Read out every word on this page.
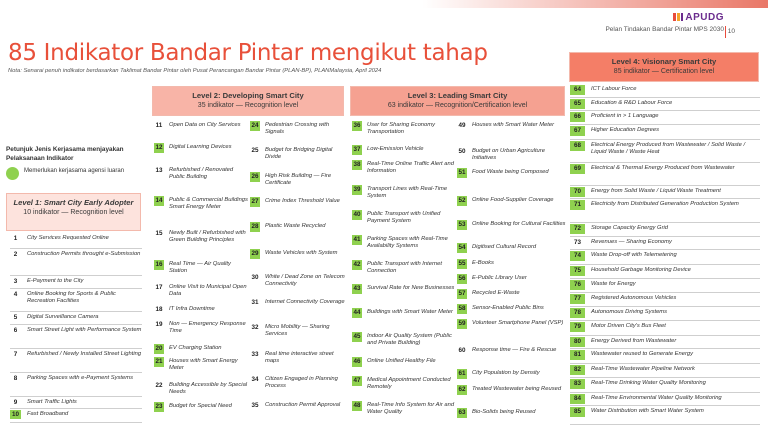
APUDG
Pelan Tindakan Bandar Pintar MPS 2030 10
85 Indikator Bandar Pintar mengikut tahap
Nota: Senarai penuh indikator berdasarkan Taklimat Bandar Pintar oleh Pusat Perancangan Bandar Pintar (PLAN-BP), PLANMalaysia, April 2024
Petunjuk Jenis Kerjasama menjayakan Pelaksanaan Indikator
Memerlukan kerjasama agensi luaran
Level 1: Smart City Early Adopter
10 indikator — Recognition level
Level 2: Developing Smart City
35 indikator — Recognition level
Level 3: Leading Smart City
63 indikator — Recognition/Certification level
Level 4: Visionary Smart City
85 indikator — Certification level
1	City Services Requested Online
2	Construction Permits throught e-Submission
3	E-Payment to the City
4	Online Booking for Sports & Public Recreation Facilities
5	Digital Surveillance Camera
6	Smart Street Light with Performance System
7	Refurbished / Newly Installed Street Lighting
8	Parking Spaces with e-Payment Systems
9	Smart Traffic Lights
10	Fast Broadband
11 Open Data on City Services
12 Digital Learning Devices
13 Refurbished / Renovated Public Building
14 Public & Commercial Buildings Smart Energy Meter
15 Newly Built / Refurbished with Green Building Principles
16 Real Time — Air Quality Station
17 Online Visit to Municipal Open Data
18 IT Infra Downtime
19 Non — Emergency Response Time
20 EV Charging Station
21 Houses with Smart Energy Meter
22 Building Accessible by Special Needs
23 Budget for Special Need
24 Pedestrian Crossing with Signals
25 Budget for Bridging Digital Divide
26 High Risk Building — Fire Certificate
27 Crime Index Threshold Value
28 Plastic Waste Recycled
29 Waste Vehicles with System
30 White / Dead Zone on Telecom Connectivity
31 Internet Connectivity Coverage
32 Micro Mobility — Sharing Services
33 Real time interactive street maps
34 Citizen Engaged in Planning Process
35 Construction Permit Approval
36 User for Sharing Economy Transportation
37 Low-Emission Vehicle
38 Real-Time Online Traffic Alert and Information
39 Transport Lines with Real-Time System
40 Public Transport with Unified Payment System
41 Parking Spaces with Real-Time Availability Systems
42 Public Transport with Internet Connection
43 Survival Rate for New Businesses
44 Buildings with Smart Water Meter
45 Indoor Air Quality System (Public and Private Building)
46 Online Unified Healthy File
47 Medical Appointment Conducted Remotely
48 Real-Time Info System for Air and Water Quality
49 Houses with Smart Water Meter
50 Budget on Urban Agriculture Initiatives
51 Food Waste being Composed
52 Online Food-Supplier Coverage
53 Online Booking for Cultural Facilities
54 Digitised Cultural Record
55 E-Books
56 E-Public Library User
57 Recycled E-Waste
58 Sensor-Enabled Public Bins
59 Volunteer Smartphone Panel (VSP)
60 Response time — Fire & Rescue
61 City Population by Density
62 Treated Wastewater being Reused
63 Bio-Solids being Reused
64	ICT Labour Force
65	Education & R&D Labour Force
66	Proficient in > 1 Language
67	Higher Education Degrees
68	Electrical Energy Produced from Wastewater / Solid Waste / Liquid Waste / Waste Heat
69	Electrical & Thermal Energy Produced from Wastewater
70	Energy from Solid Waste / Liquid Waste Treatment
71	Electricity from Distributed Generation Production System
72	Storage Capacity Energy Grid
73	Revenues — Sharing Economy
74	Waste Drop-off with Telemetering
75	Household Garbage Monitoring Device
76	Waste for Energy
77	Registered Autonomous Vehicles
78	Autonomous Driving Systems
79	Motor Driven City's Bus Fleet
80	Energy Derived from Wastewater
81	Wastewater reused to Generate Energy
82	Real-Time Wastewater Pipeline Network
83	Real-Time Drinking Water Quality Monitoring
84	Real-Time Environmental Water Quality Monitoring
85	Water Distribution with Smart Water System
